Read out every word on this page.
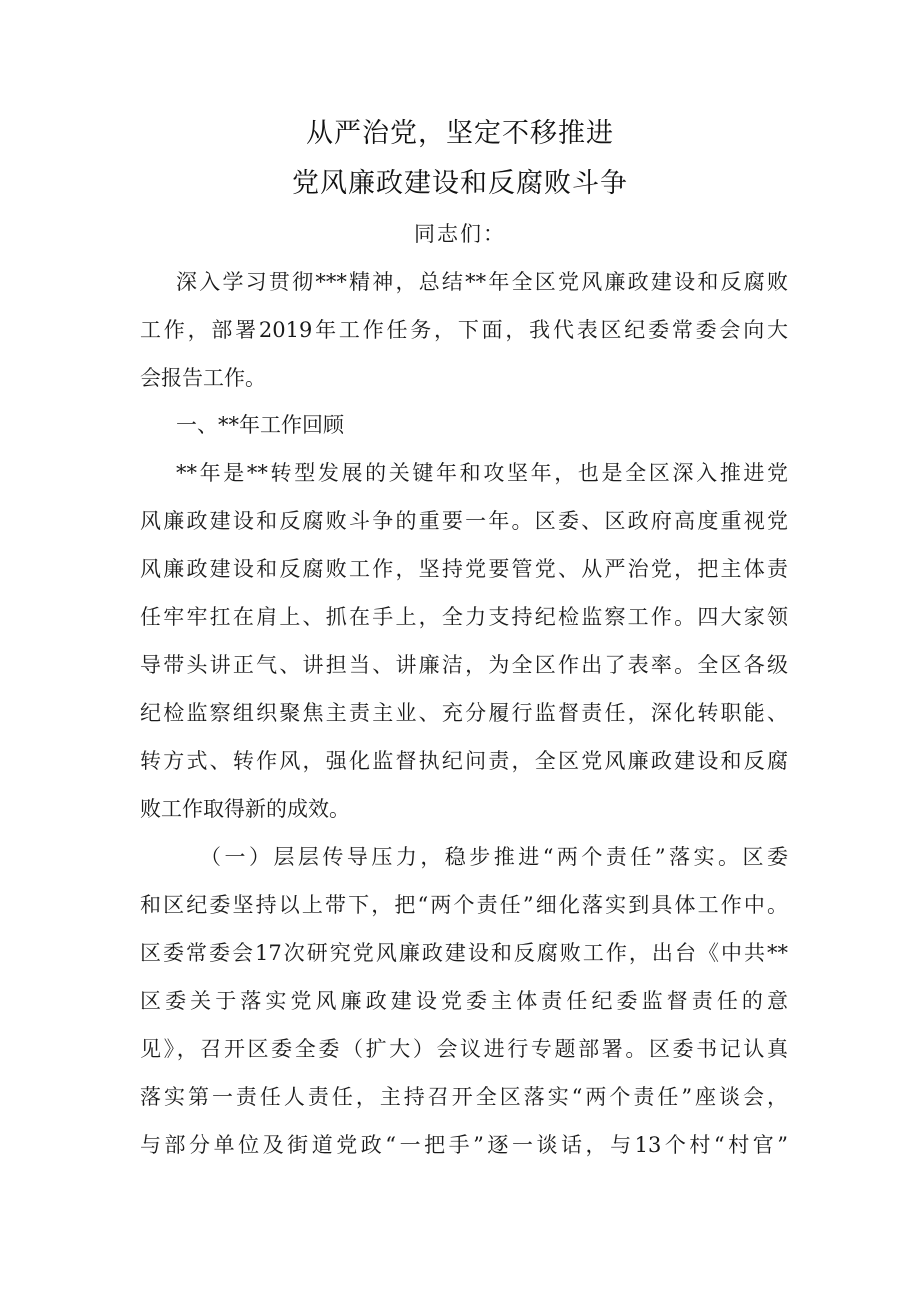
从严治党，坚定不移推进
党风廉政建设和反腐败斗争
同志们：
深入学习贯彻***精神，总结**年全区党风廉政建设和反腐败
工作，部署2019年工作任务，下面，我代表区纪委常委会向大
会报告工作。
一、**年工作回顾
**年是**转型发展的关键年和攻坚年，也是全区深入推进党
风廉政建设和反腐败斗争的重要一年。区委、区政府高度重视党
风廉政建设和反腐败工作，坚持党要管党、从严治党，把主体责
任牢牢扛在肩上、抓在手上，全力支持纪检监察工作。四大家领
导带头讲正气、讲担当、讲廉洁，为全区作出了表率。全区各级
纪检监察组织聚焦主责主业、充分履行监督责任，深化转职能、
转方式、转作风，强化监督执纪问责，全区党风廉政建设和反腐
败工作取得新的成效。
（一）层层传导压力，稳步推进“两个责任”落实。区委
和区纪委坚持以上带下，把“两个责任”细化落实到具体工作中。
区委常委会17次研究党风廉政建设和反腐败工作，出台《中共**
区委关于落实党风廉政建设党委主体责任纪委监督责任的意
见》，召开区委全委（扩大）会议进行专题部署。区委书记认真
落实第一责任人责任，主持召开全区落实“两个责任”座谈会，
与部分单位及街道党政“一把手”逐一谈话，与13个村“村官”
